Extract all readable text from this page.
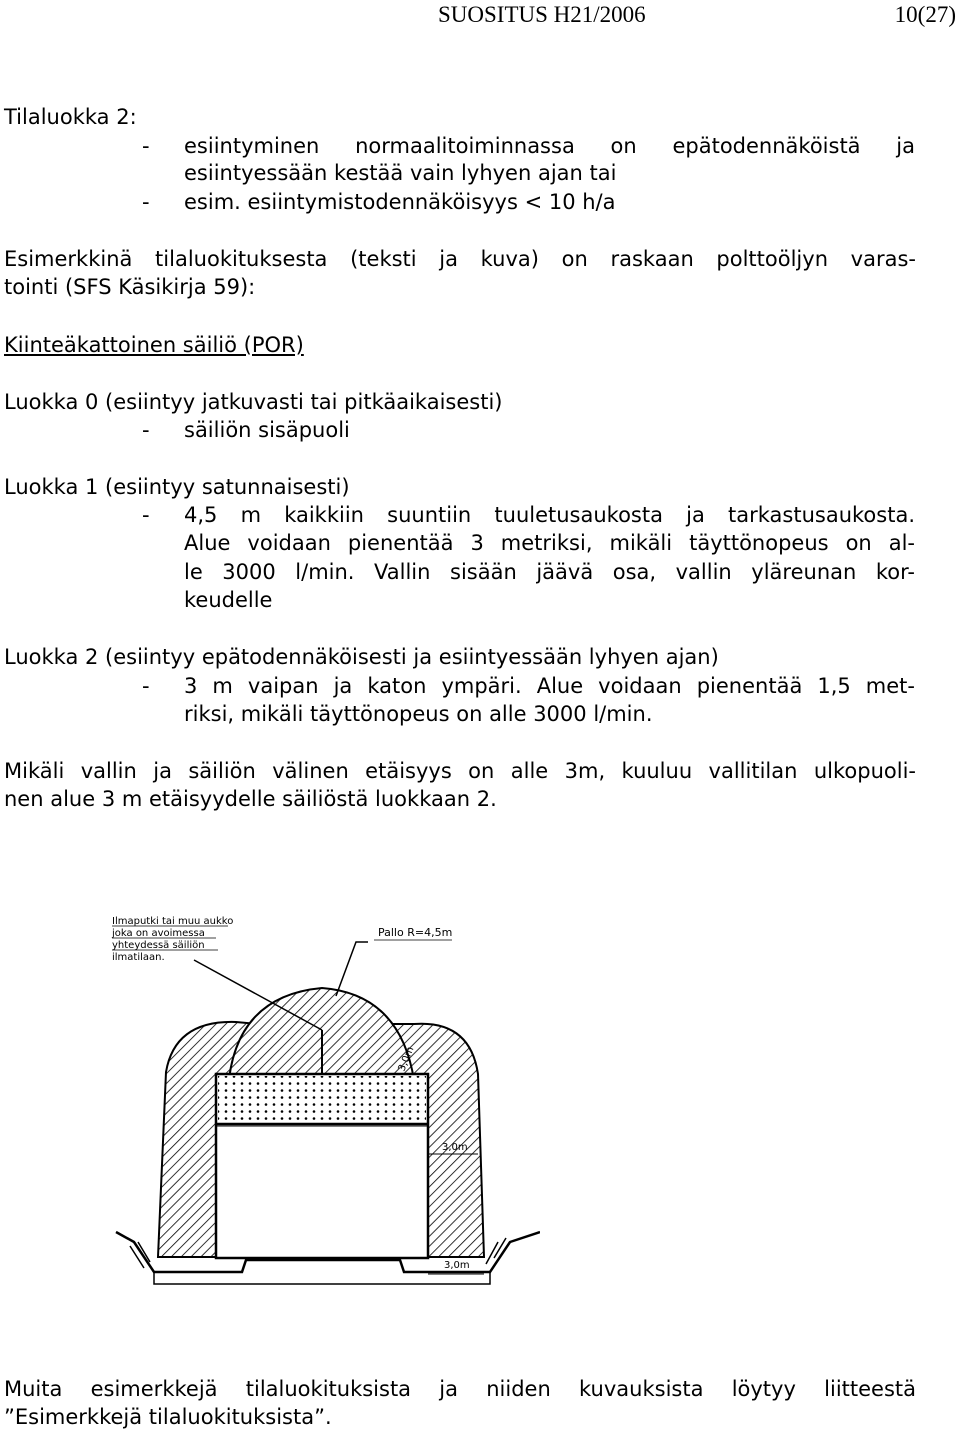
SUOSITUS H21/2006	10(27)
Tilaluokka 2:
- esiintyminen normaalitoiminnassa on epätodennäköistä ja
esiintyessään kestää vain lyhyen ajan tai
- esim. esiintymistodennäköisyys < 10 h/a
Esimerkkinä tilaluokituksesta (teksti ja kuva) on raskaan polttoöljyn varas-
tointi (SFS Käsikirja 59):
Kiinteäkattoinen säiliö (POR)
Luokka 0 (esiintyy jatkuvasti tai pitkäaikaisesti)
- säiliön sisäpuoli
Luokka 1 (esiintyy satunnaisesti)
- 4,5 m kaikkiin suuntiin tuuletusaukosta ja tarkastusaukosta.
Alue voidaan pienentää 3 metriksi, mikäli täyttönopeus on al-
le 3000 l/min. Vallin sisään jäävä osa, vallin yläreunan kor-
keudelle
Luokka 2 (esiintyy epätodennäköisesti ja esiintyessään lyhyen ajan)
- 3 m vaipan ja katon ympäri. Alue voidaan pienentää 1,5 met-
riksi, mikäli täyttönopeus on alle 3000 l/min.
Mikäli vallin ja säiliön välinen etäisyys on alle 3m, kuuluu vallitilan ulkopuoli-
nen alue 3 m etäisyydelle säiliöstä luokkaan 2.
Ilmaputki tai muu aukko
joka on avoimessa
yhteydessä säiliön
ilmatilaan.
Pallo R=4,5m
3,0m
3,0m
3,0m
Muita esimerkkejä tilaluokituksista ja niiden kuvauksista löytyy liitteestä
”Esimerkkejä tilaluokituksista”.
